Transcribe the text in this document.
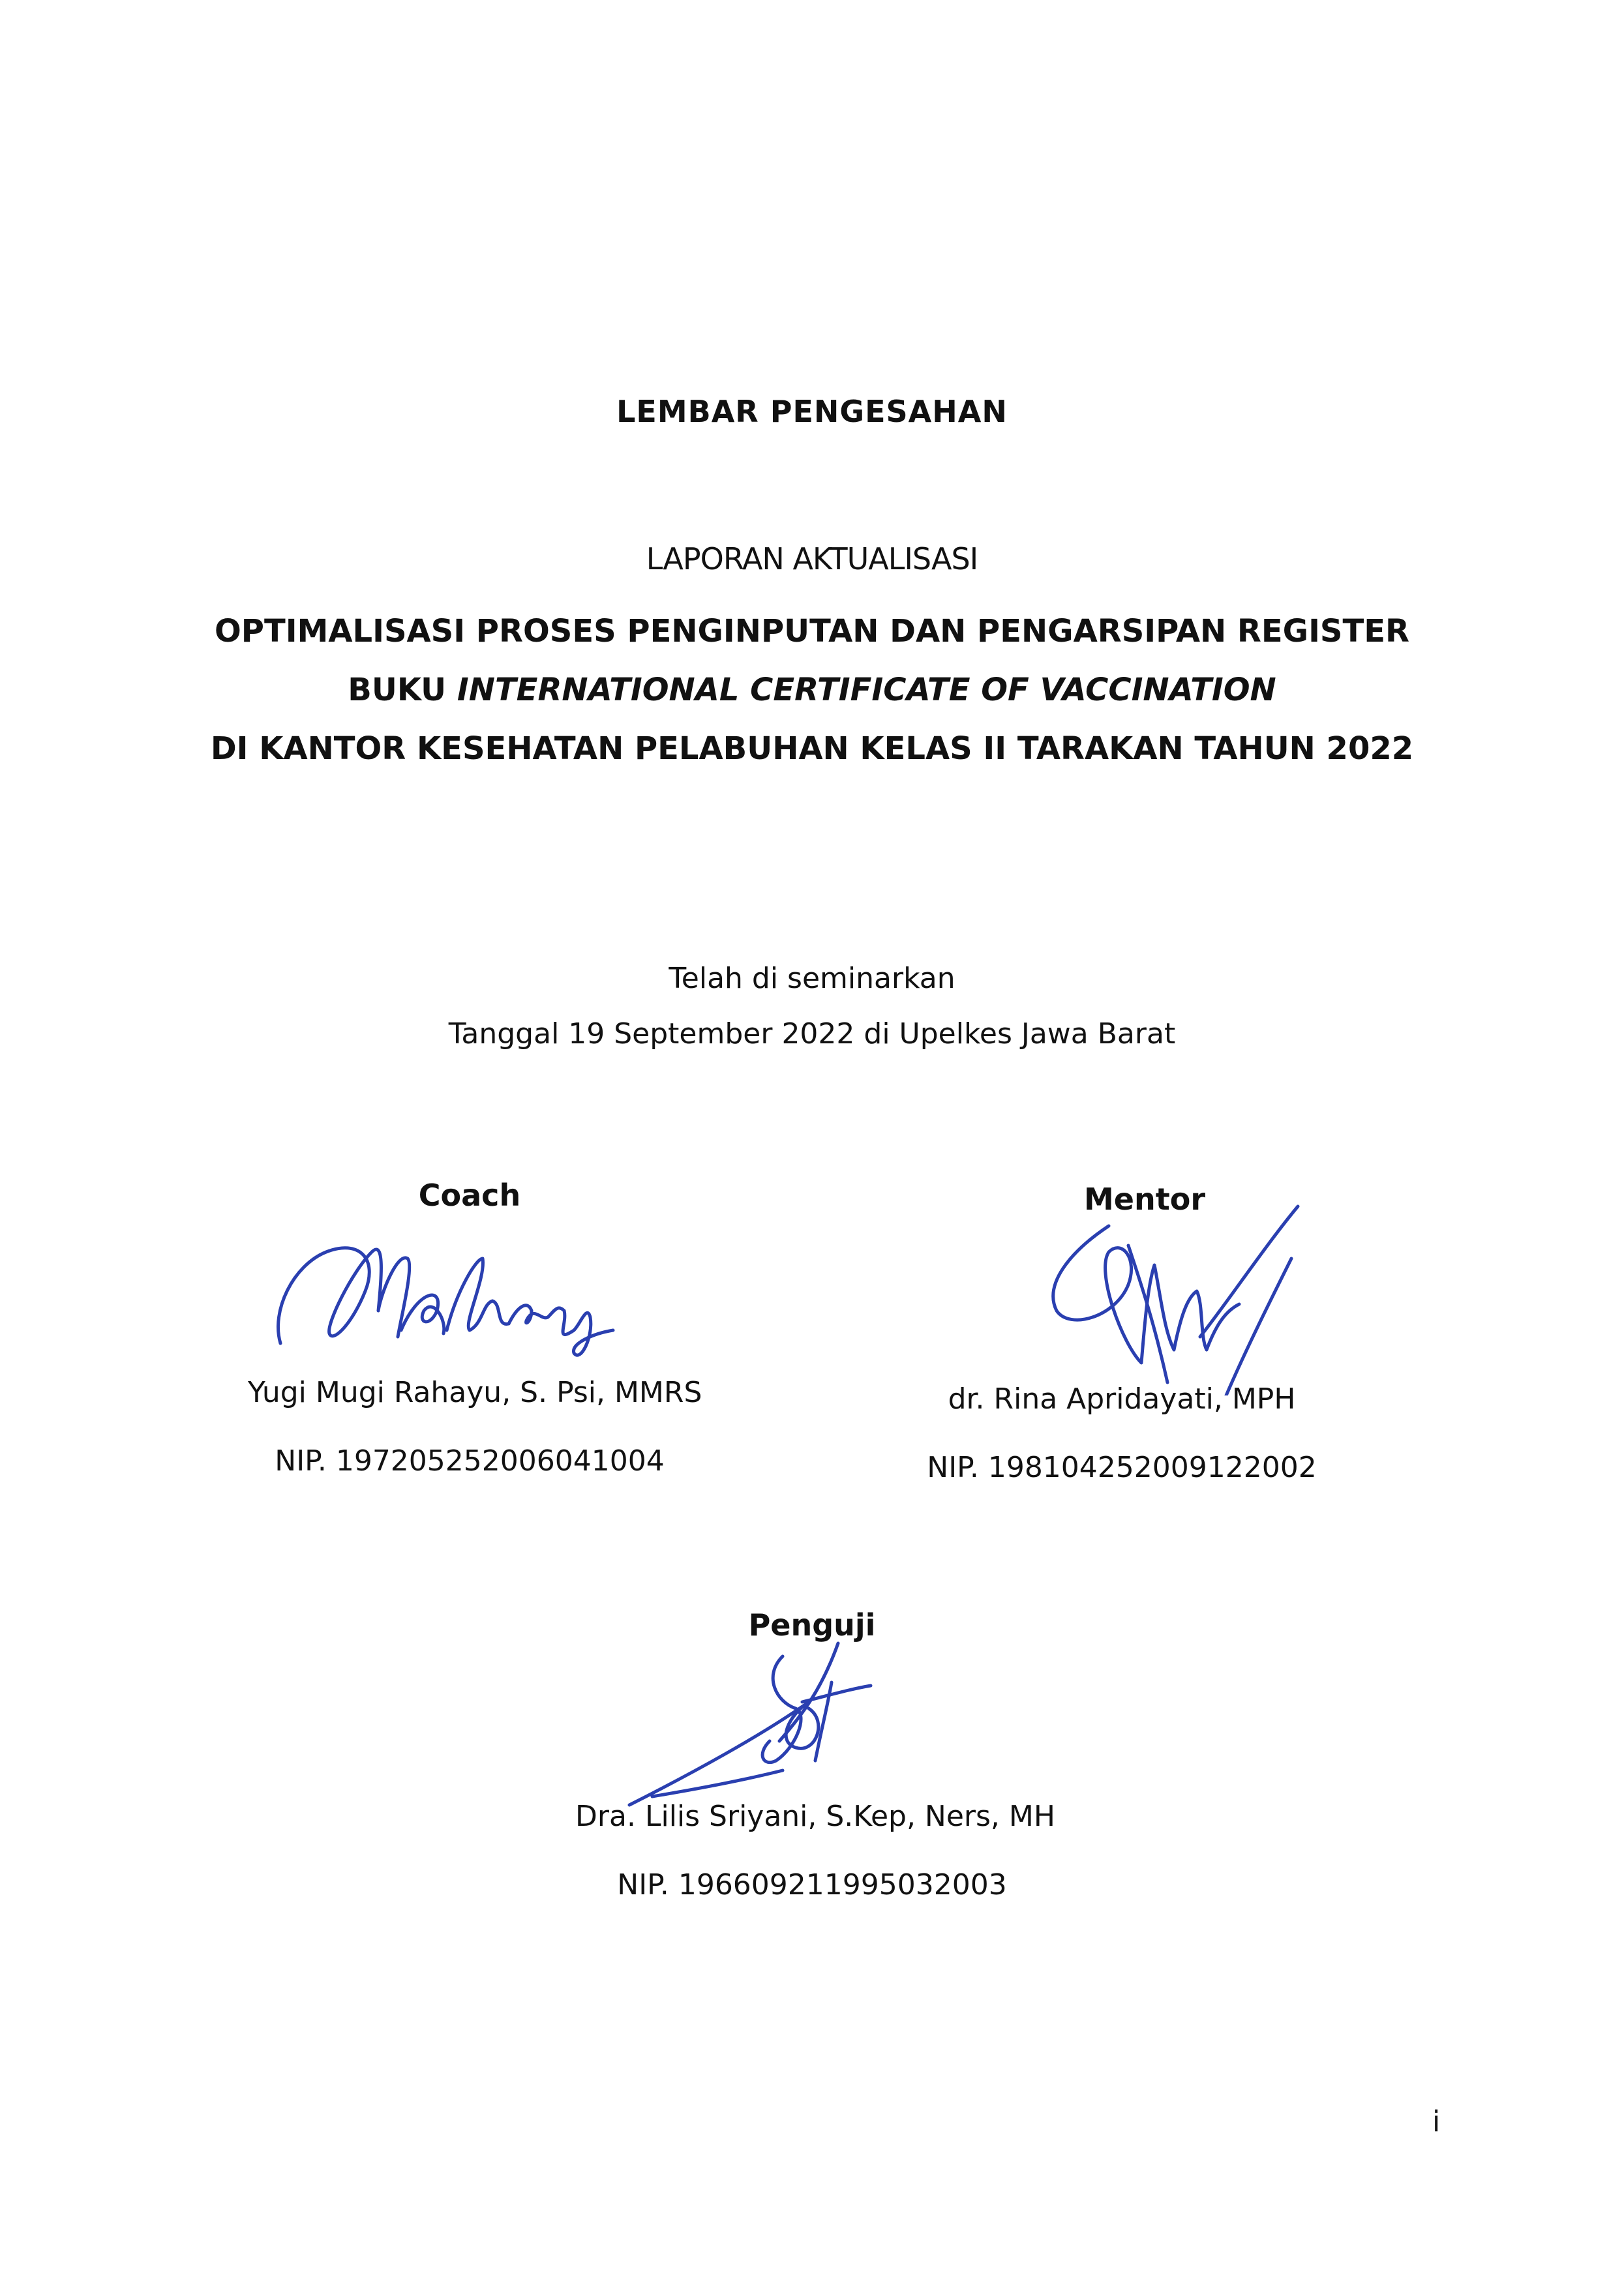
LEMBAR PENGESAHAN
LAPORAN AKTUALISASI
OPTIMALISASI PROSES PENGINPUTAN DAN PENGARSIPAN REGISTER
BUKU INTERNATIONAL CERTIFICATE OF VACCINATION
DI KANTOR KESEHATAN PELABUHAN KELAS II TARAKAN TAHUN 2022
Telah di seminarkan
Tanggal 19 September 2022 di Upelkes Jawa Barat
Coach
Yugi Mugi Rahayu, S. Psi, MMRS
NIP. 197205252006041004
Mentor
dr. Rina Apridayati, MPH
NIP. 198104252009122002
Penguji
Dra. Lilis Sriyani, S.Kep, Ners, MH
NIP. 196609211995032003
i
